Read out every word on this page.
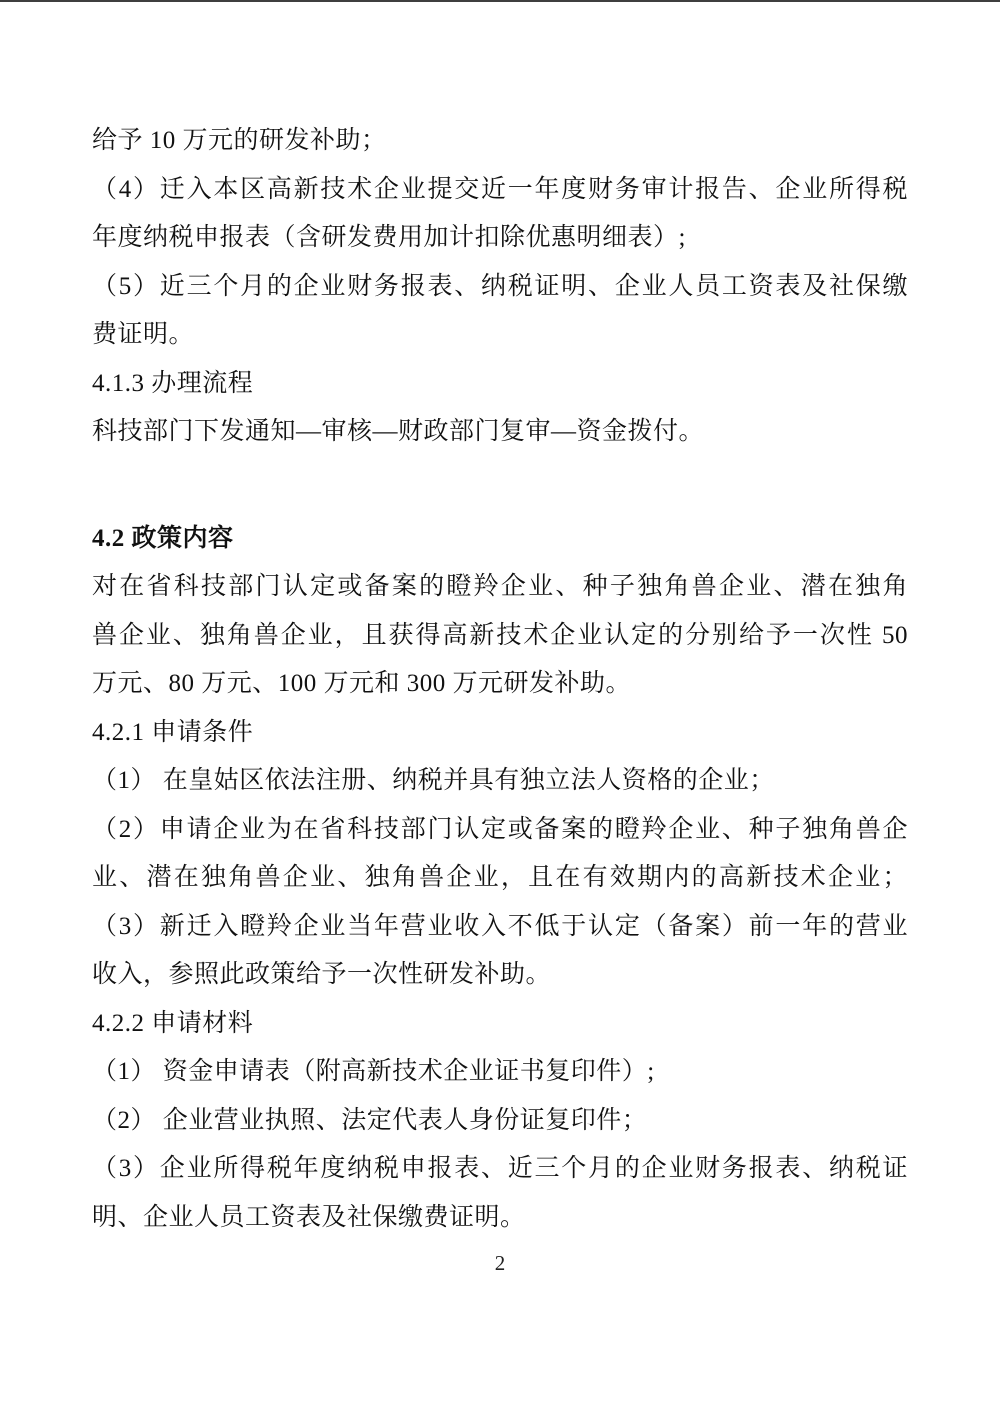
给予 10 万元的研发补助；
（4）迁入本区高新技术企业提交近一年度财务审计报告、企业所得税
年度纳税申报表（含研发费用加计扣除优惠明细表）;
（5）近三个月的企业财务报表、纳税证明、企业人员工资表及社保缴
费证明。
4.1.3 办理流程
科技部门下发通知—审核—财政部门复审—资金拨付。
4.2 政策内容
对在省科技部门认定或备案的瞪羚企业、种子独角兽企业、潜在独角
兽企业、独角兽企业，且获得高新技术企业认定的分别给予一次性 50
万元、80 万元、100 万元和 300 万元研发补助。
4.2.1 申请条件
（1） 在皇姑区依法注册、纳税并具有独立法人资格的企业；
（2）申请企业为在省科技部门认定或备案的瞪羚企业、种子独角兽企
业、潜在独角兽企业、独角兽企业，且在有效期内的高新技术企业；
（3）新迁入瞪羚企业当年营业收入不低于认定（备案）前一年的营业
收入，参照此政策给予一次性研发补助。
4.2.2 申请材料
（1） 资金申请表（附高新技术企业证书复印件）;
（2） 企业营业执照、法定代表人身份证复印件；
（3）企业所得税年度纳税申报表、近三个月的企业财务报表、纳税证
明、企业人员工资表及社保缴费证明。
2
